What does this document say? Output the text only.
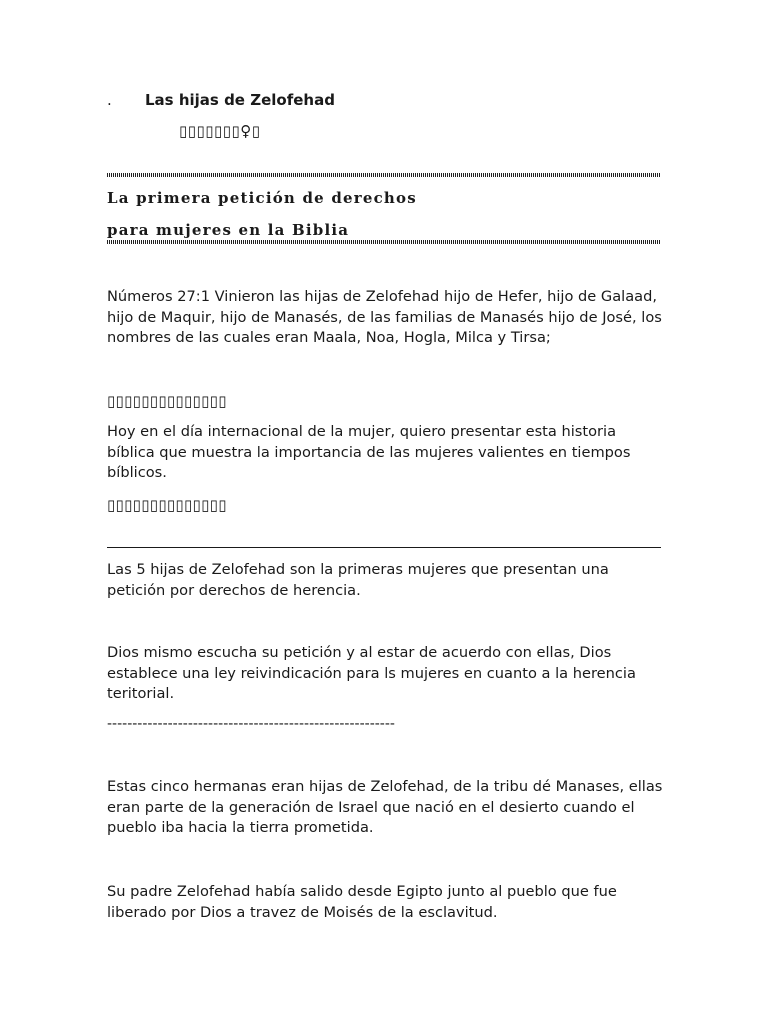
. Las hijas de Zelofehad
▯▯▯▯▯▯▯♀▯
La primera petición de derechos
para mujeres en la Biblia
Números 27:1 Vinieron las hijas de Zelofehad hijo de Hefer, hijo de Galaad, hijo de Maquir, hijo de Manasés, de las familias de Manasés hijo de José, los nombres de las cuales eran Maala, Noa, Hogla, Milca y Tirsa;
▯▯▯▯▯▯▯▯▯▯▯▯▯▯
Hoy en el día internacional de la mujer, quiero presentar esta historia bíblica que muestra la importancia de las mujeres valientes en tiempos bíblicos.
▯▯▯▯▯▯▯▯▯▯▯▯▯▯
Las 5 hijas de Zelofehad son la primeras mujeres que presentan una petición por derechos de herencia.
Dios mismo escucha su petición y al estar de acuerdo con ellas, Dios establece una ley reivindicación para ls mujeres en cuanto a la herencia teritorial.
---------------------------------------------------------
Estas cinco hermanas eran hijas de Zelofehad, de la tribu dé Manases, ellas eran parte de la generación de Israel que nació en el desierto cuando el pueblo iba hacia la tierra prometida.
Su padre Zelofehad había salido desde Egipto junto al pueblo que fue liberado por Dios a travez de Moisés de la esclavitud.
